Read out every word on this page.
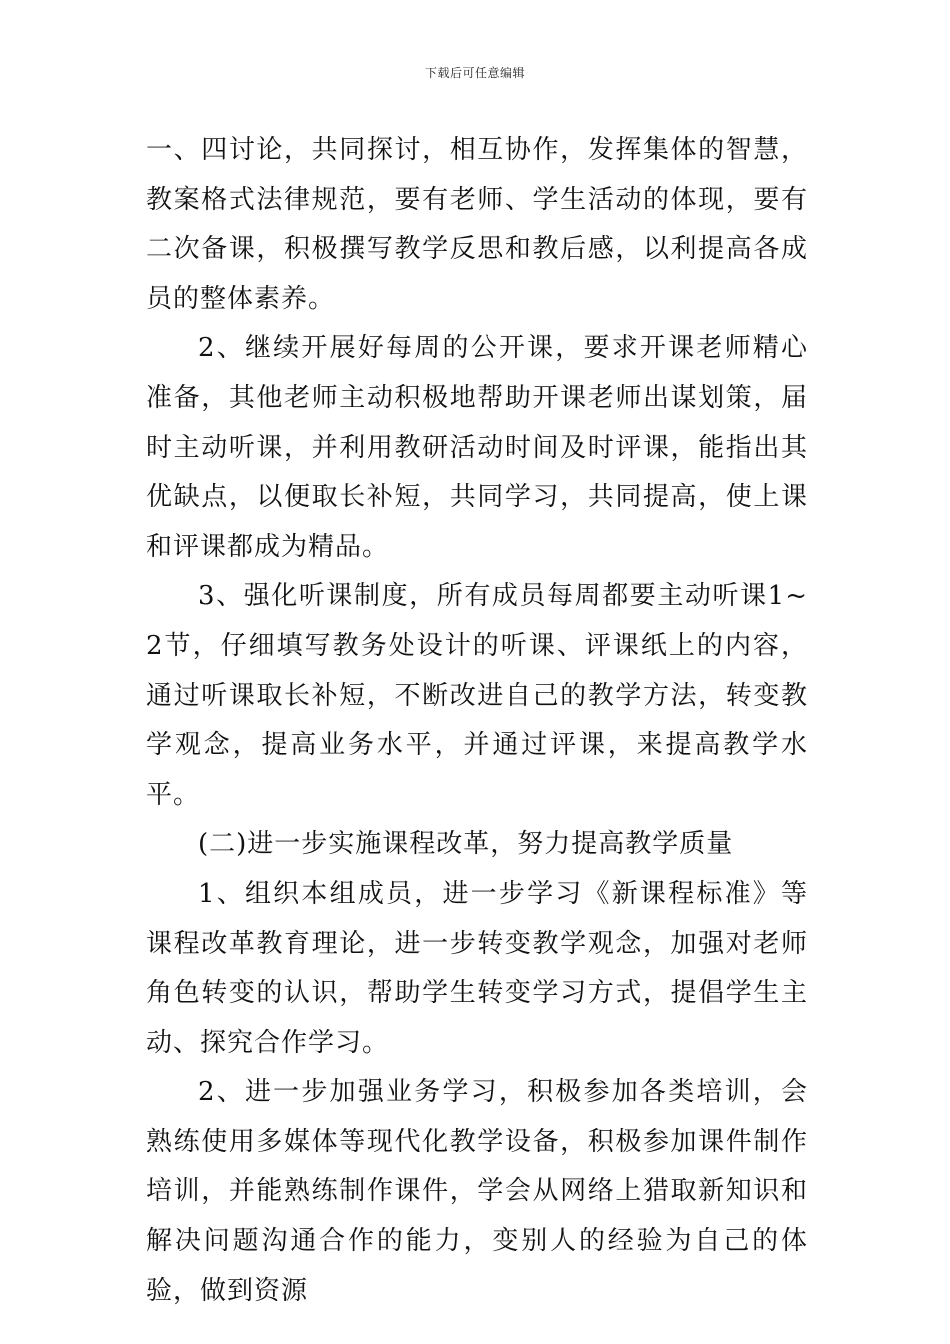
下载后可任意编辑

一、四讨论，共同探讨，相互协作，发挥集体的智慧，教案格式法律规范，要有老师、学生活动的体现，要有二次备课，积极撰写教学反思和教后感，以利提高各成员的整体素养。

2、继续开展好每周的公开课，要求开课老师精心准备，其他老师主动积极地帮助开课老师出谋划策，届时主动听课，并利用教研活动时间及时评课，能指出其优缺点，以便取长补短，共同学习，共同提高，使上课和评课都成为精品。

3、强化听课制度，所有成员每周都要主动听课1~2节，仔细填写教务处设计的听课、评课纸上的内容，通过听课取长补短，不断改进自己的教学方法，转变教学观念，提高业务水平，并通过评课，来提高教学水平。

(二)进一步实施课程改革，努力提高教学质量

1、组织本组成员，进一步学习《新课程标准》等课程改革教育理论，进一步转变教学观念，加强对老师角色转变的认识，帮助学生转变学习方式，提倡学生主动、探究合作学习。

2、进一步加强业务学习，积极参加各类培训，会熟练使用多媒体等现代化教学设备，积极参加课件制作培训，并能熟练制作课件，学会从网络上猎取新知识和解决问题沟通合作的能力，变别人的经验为自己的体验，做到资源
